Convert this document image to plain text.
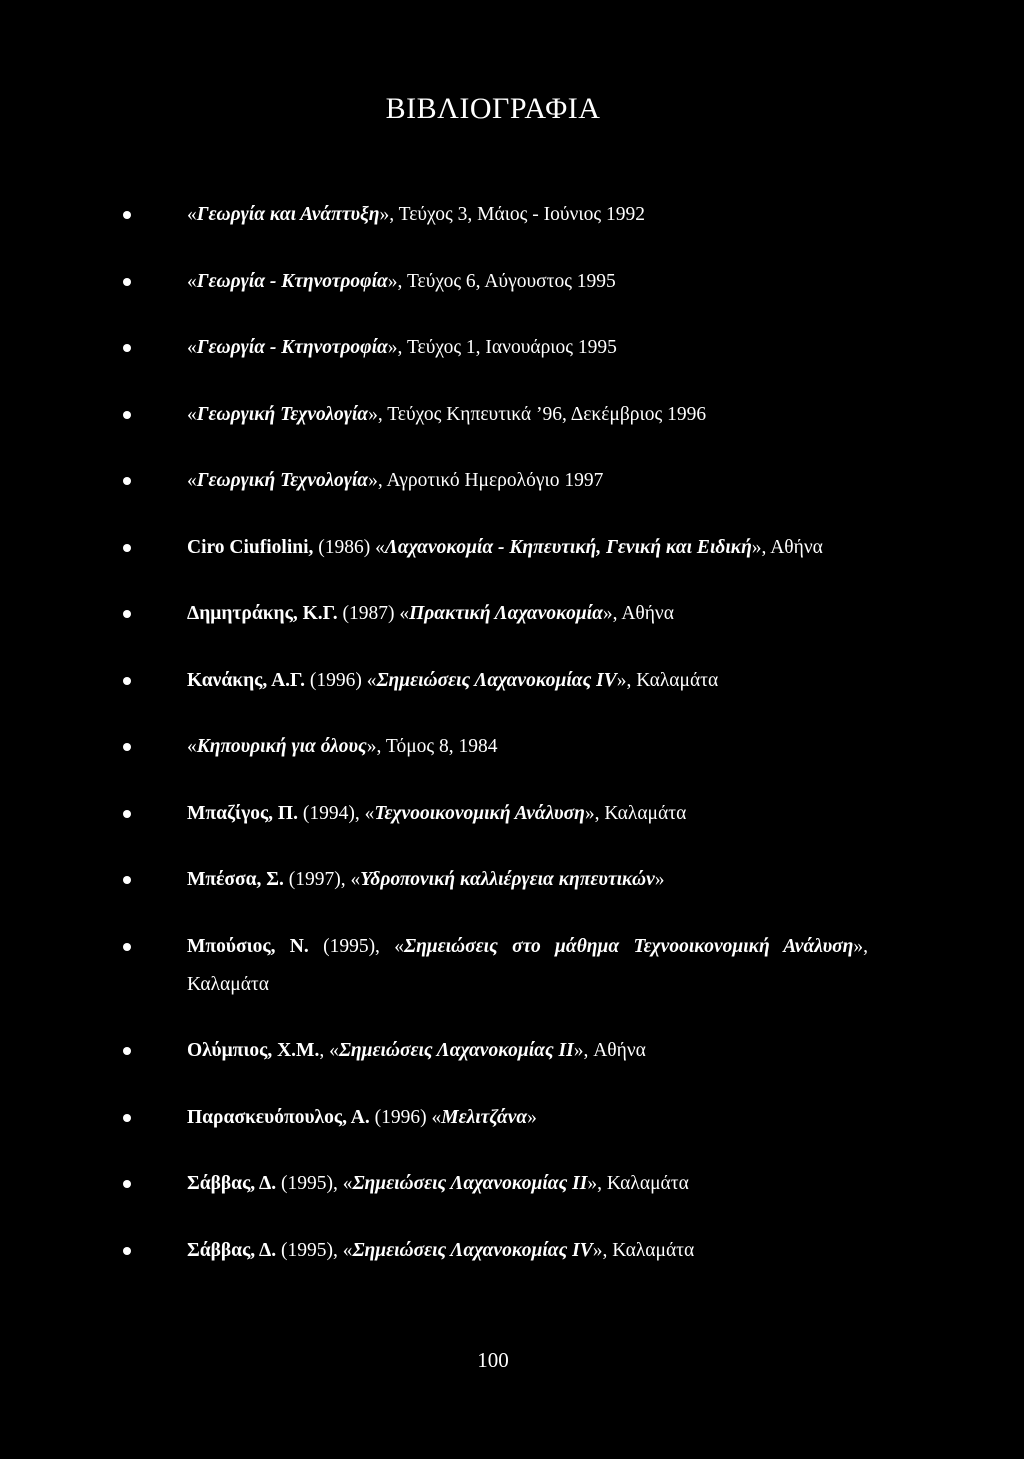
ΒΙΒΛΙΟΓΡΑΦΙΑ
«Γεωργία και Ανάπτυξη», Τεύχος 3, Μάιος - Ιούνιος 1992
«Γεωργία - Κτηνοτροφία», Τεύχος 6, Αύγουστος 1995
«Γεωργία - Κτηνοτροφία», Τεύχος 1, Ιανουάριος 1995
«Γεωργική Τεχνολογία», Τεύχος Κηπευτικά ’96, Δεκέμβριος 1996
«Γεωργική Τεχνολογία», Αγροτικό Ημερολόγιο 1997
Ciro Ciufiolini, (1986) «Λαχανοκομία - Κηπευτική, Γενική και Ειδική», Αθήνα
Δημητράκης, Κ.Γ. (1987) «Πρακτική Λαχανοκομία», Αθήνα
Κανάκης, Α.Γ. (1996) «Σημειώσεις Λαχανοκομίας IV», Καλαμάτα
«Κηπουρική για όλους», Τόμος 8, 1984
Μπαζίγος, Π. (1994), «Τεχνοοικονομική Ανάλυση», Καλαμάτα
Μπέσσα, Σ. (1997), «Υδροπονική καλλιέργεια κηπευτικών»
Μπούσιος, Ν. (1995), «Σημειώσεις στο μάθημα Τεχνοοικονομική Ανάλυση», Καλαμάτα
Ολύμπιος, Χ.Μ., «Σημειώσεις Λαχανοκομίας II», Αθήνα
Παρασκευόπουλος, Α. (1996) «Μελιτζάνα»
Σάββας, Δ. (1995), «Σημειώσεις Λαχανοκομίας II», Καλαμάτα
Σάββας, Δ. (1995), «Σημειώσεις Λαχανοκομίας IV», Καλαμάτα
100
